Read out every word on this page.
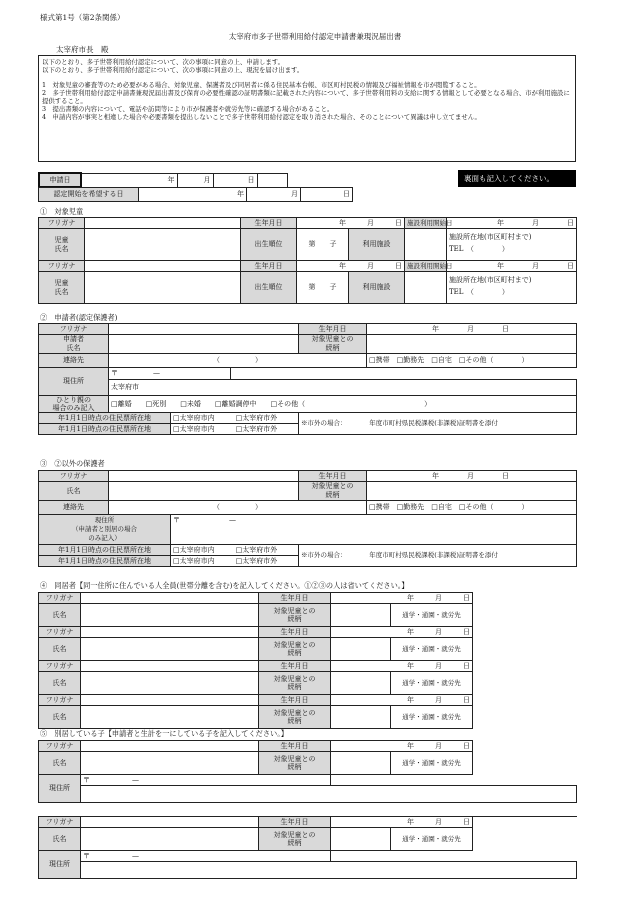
様式第1号（第2条関係）
太宰府市多子世帯利用給付認定申請書兼現況届出書
太宰府市長　殿
以下のとおり、多子世帯利用給付認定について、次の事項に同意の上、申請します。
以下のとおり、多子世帯利用給付認定について、次の事項に同意の上、現況を届け出ます。
1　対象児童の審査等のため必要がある場合、対象児童、保護者及び同居者に係る住民基本台帳、市区町村民税の情報及び福祉情報を市が閲覧すること。
2　多子世帯利用給付認定申請書兼現況届出書及び保育の必要性確認の証明書類に記載された内容について、多子世帯利用料の支給に関する情報として必要となる場合、市が利用施設に提供すること。
3　提出書類の内容について、電話や訪問等により市が保護者や就労先等に確認する場合があること。
4　申請内容が事実と相違した場合や必要書類を提出しないことで多子世帯利用給付認定を取り消された場合、そのことについて異議は申し立てません。
申請日	年	月	日	
認定開始を希望する日	年	月	日
裏面も記入してください。
①　対象児童
フリガナ		生年月日	年　　　月　　　日		施設利用開始日	年　　　　月　　　　日
児童
氏名		出生順位	第　　子	利用施設		施設所在地(市区町村まで)
TEL　（　　　　）
フリガナ		生年月日	年　　　月　　　日		施設利用開始日	年　　　　月　　　　日
児童
氏名		出生順位	第　　子	利用施設		施設所在地(市区町村まで)
TEL　（　　　　）
②　申請者(認定保護者)
フリガナ				生年月日	　　　　　　　　　年　　　　月　　　　日
申請者
氏名				対象児童との
続柄	
連絡先	（　　　　　）				□携帯　 □勤務先　 □自宅　 □その他（　　　　）
現住所	〒　　　　　 —				
	太宰府市				
ひとり親の
場合のみ記入	□離婚　　 □死別　　 □未婚　　 □離婚調停中　　 □その他（　　　　　　　　　　　　　　　　　）				
年1月1日時点の住民票所在地		□太宰府市内　　　 □太宰府市外		※市外の場合：　　　　年度市町村県民税課税(非課税)証明書を添付	
年1月1日時点の住民票所在地		□太宰府市内　　　 □太宰府市外			
③　②以外の保護者
フリガナ			生年月日	　　　　　　　　　年　　　　月　　　　日
氏名			対象児童との
続柄	
連絡先	（　　　　　）			□携帯　 □勤務先　 □自宅　 □その他（　　　　）
現住所
（申請者と別居の場合
のみ記入）		〒　　　　　　　 —		
年1月1日時点の住民票所在地		□太宰府市内　　　 □太宰府市外	※市外の場合：　　　　年度市町村県民税課税(非課税)証明書を添付	
年1月1日時点の住民票所在地		□太宰府市内　　　 □太宰府市外		
④　同居者【同一住所に住んでいる人全員(世帯分離を含む)を記入してください。①②③の人は省いてください。】
フリガナ		生年月日	年　　　月　　　日	
氏名		対象児童との
続柄		通学・通園・就労先
フリガナ		生年月日	年　　　月　　　日	
氏名		対象児童との
続柄		通学・通園・就労先
フリガナ		生年月日	年　　　月　　　日	
氏名		対象児童との
続柄		通学・通園・就労先
フリガナ		生年月日	年　　　月　　　日	
氏名		対象児童との
続柄		通学・通園・就労先
⑤　別居している子【申請者と生計を一にしている子を記入してください。】
フリガナ		生年月日	年　　　月　　　日		
氏名		対象児童との
続柄		通学・通園・就労先	
現住所	〒　　　　　　 —				

フリガナ		生年月日	年　　　月　　　日		
氏名		対象児童との
続柄		通学・通園・就労先	
現住所	〒　　　　　　 —				
